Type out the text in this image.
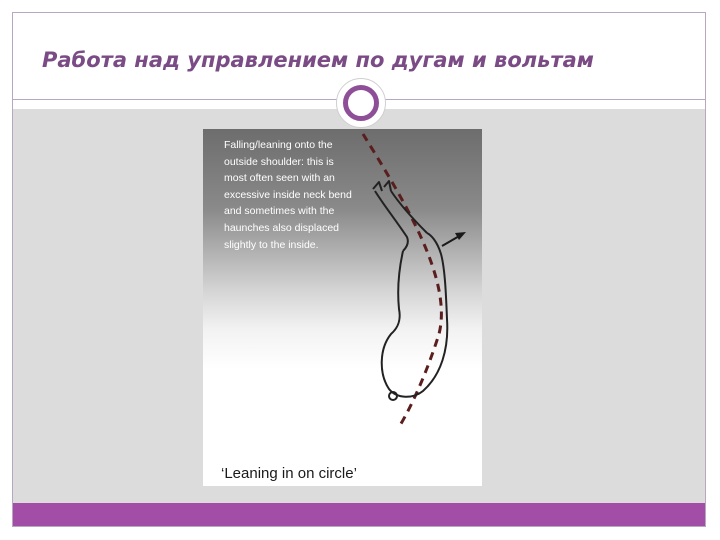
Работа над управлением по дугам и вольтам

Falling/leaning onto the outside shoulder: this is most often seen with an excessive inside neck bend and sometimes with the haunches also displaced slightly to the inside.

‘Leaning in on circle’
